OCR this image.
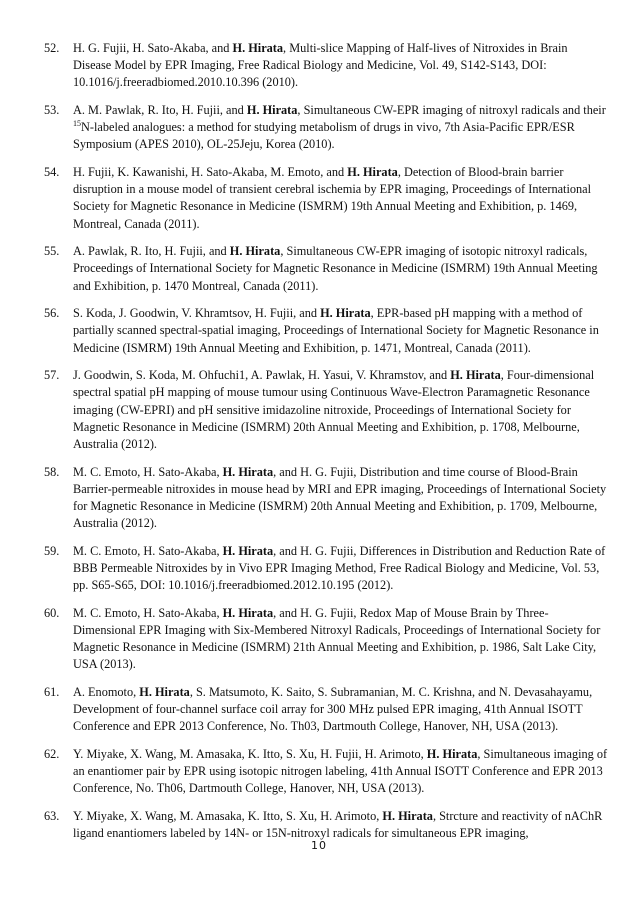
52. H. G. Fujii, H. Sato-Akaba, and H. Hirata, Multi-slice Mapping of Half-lives of Nitroxides in Brain Disease Model by EPR Imaging, Free Radical Biology and Medicine, Vol. 49, S142-S143, DOI: 10.1016/j.freeradbiomed.2010.10.396 (2010).
53. A. M. Pawlak, R. Ito, H. Fujii, and H. Hirata, Simultaneous CW-EPR imaging of nitroxyl radicals and their $^{15}$N-labeled analogues: a method for studying metabolism of drugs in vivo, 7th Asia-Pacific EPR/ESR Symposium (APES 2010), OL-25Jeju, Korea (2010).
54. H. Fujii, K. Kawanishi, H. Sato-Akaba, M. Emoto, and H. Hirata, Detection of Blood-brain barrier disruption in a mouse model of transient cerebral ischemia by EPR imaging, Proceedings of International Society for Magnetic Resonance in Medicine (ISMRM) 19th Annual Meeting and Exhibition, p. 1469, Montreal, Canada (2011).
55. A. Pawlak, R. Ito, H. Fujii, and H. Hirata, Simultaneous CW-EPR imaging of isotopic nitroxyl radicals, Proceedings of International Society for Magnetic Resonance in Medicine (ISMRM) 19th Annual Meeting and Exhibition, p. 1470 Montreal, Canada (2011).
56. S. Koda, J. Goodwin, V. Khramtsov, H. Fujii, and H. Hirata, EPR-based pH mapping with a method of partially scanned spectral-spatial imaging, Proceedings of International Society for Magnetic Resonance in Medicine (ISMRM) 19th Annual Meeting and Exhibition, p. 1471, Montreal, Canada (2011).
57. J. Goodwin, S. Koda, M. Ohfuchi1, A. Pawlak, H. Yasui, V. Khramstov, and H. Hirata, Four-dimensional spectral spatial pH mapping of mouse tumour using Continuous Wave-Electron Paramagnetic Resonance imaging (CW-EPRI) and pH sensitive imidazoline nitroxide, Proceedings of International Society for Magnetic Resonance in Medicine (ISMRM) 20th Annual Meeting and Exhibition, p. 1708, Melbourne, Australia (2012).
58. M. C. Emoto, H. Sato-Akaba, H. Hirata, and H. G. Fujii, Distribution and time course of Blood-Brain Barrier-permeable nitroxides in mouse head by MRI and EPR imaging, Proceedings of International Society for Magnetic Resonance in Medicine (ISMRM) 20th Annual Meeting and Exhibition, p. 1709, Melbourne, Australia (2012).
59. M. C. Emoto, H. Sato-Akaba, H. Hirata, and H. G. Fujii, Differences in Distribution and Reduction Rate of BBB Permeable Nitroxides by in Vivo EPR Imaging Method, Free Radical Biology and Medicine, Vol. 53, pp. S65-S65, DOI: 10.1016/j.freeradbiomed.2012.10.195 (2012).
60. M. C. Emoto, H. Sato-Akaba, H. Hirata, and H. G. Fujii, Redox Map of Mouse Brain by Three-Dimensional EPR Imaging with Six-Membered Nitroxyl Radicals, Proceedings of International Society for Magnetic Resonance in Medicine (ISMRM) 21th Annual Meeting and Exhibition, p. 1986, Salt Lake City, USA (2013).
61. A. Enomoto, H. Hirata, S. Matsumoto, K. Saito, S. Subramanian, M. C. Krishna, and N. Devasahayamu, Development of four-channel surface coil array for 300 MHz pulsed EPR imaging, 41th Annual ISOTT Conference and EPR 2013 Conference, No. Th03, Dartmouth College, Hanover, NH, USA (2013).
62. Y. Miyake, X. Wang, M. Amasaka, K. Itto, S. Xu, H. Fujii, H. Arimoto, H. Hirata, Simultaneous imaging of an enantiomer pair by EPR using isotopic nitrogen labeling, 41th Annual ISOTT Conference and EPR 2013 Conference, No. Th06, Dartmouth College, Hanover, NH, USA (2013).
63. Y. Miyake, X. Wang, M. Amasaka, K. Itto, S. Xu, H. Arimoto, H. Hirata, Strcture and reactivity of nAChR ligand enantiomers labeled by 14N- or 15N-nitroxyl radicals for simultaneous EPR imaging,
10
